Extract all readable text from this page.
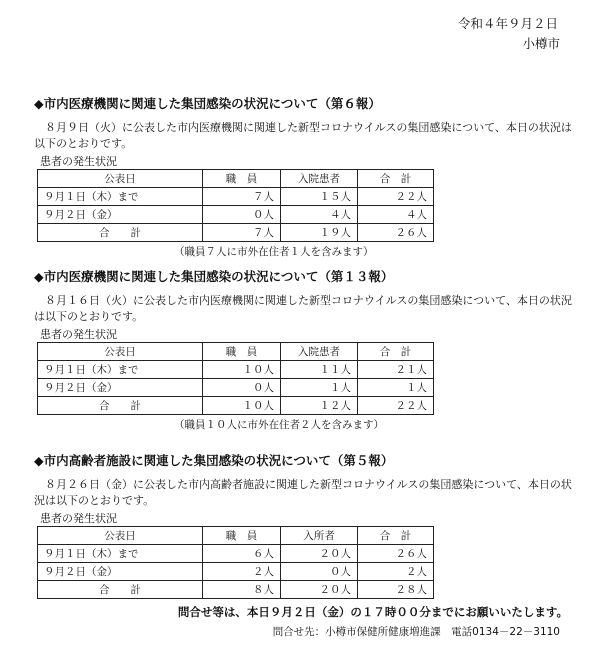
令和４年９月２日
小樽市
◆市内医療機関に関連した集団感染の状況について（第６報）

８月９日（火）に公表した市内医療機関に関連した新型コロナウイルスの集団感染について、本日の状況は以下のとおりです。

患者の発生状況
公表日	職　員	入院患者	合　計
９月１日（木）まで	７人	１５人	２２人
９月２日（金）	０人	４人	４人
合　　計	７人	１９人	２６人
（職員７人に市外在住者１人を含みます）
◆市内医療機関に関連した集団感染の状況について（第１３報）

８月１６日（火）に公表した市内医療機関に関連した新型コロナウイルスの集団感染について、本日の状況は以下のとおりです。

患者の発生状況
公表日	職　員	入院患者	合　計
９月１日（木）まで	１０人	１１人	２１人
９月２日（金）	０人	１人	１人
合　　計	１０人	１２人	２２人
（職員１０人に市外在住者２人を含みます）
◆市内高齢者施設に関連した集団感染の状況について（第５報）

８月２６日（金）に公表した市内高齢者施設に関連した新型コロナウイルスの集団感染について、本日の状況は以下のとおりです。

患者の発生状況
公表日	職　員	入所者	合　計
９月１日（木）まで	６人	２０人	２６人
９月２日（金）	２人	０人	２人
合　　計	８人	２０人	２８人
問合せ等は、本日９月２日（金）の１７時００分までにお願いいたします。
問合せ先：小樽市保健所健康増進課　電話0134－22－3110
